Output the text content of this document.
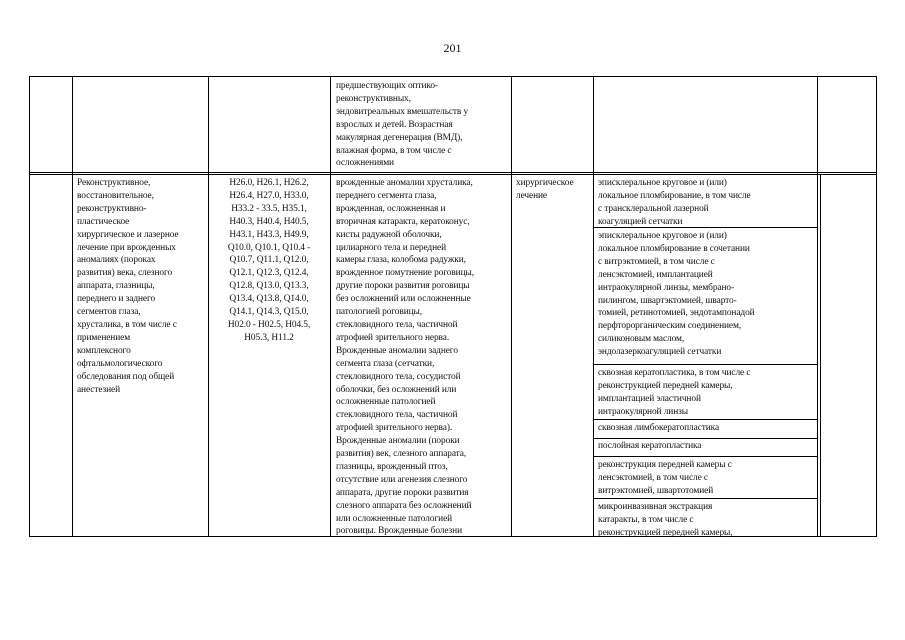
201
предшествующих оптико-
реконструктивных,
эндовитреальных вмешательств у
взрослых и детей. Возрастная
макулярная дегенерация (ВМД),
влажная форма, в том числе с
осложнениями
Реконструктивное,
восстановительное,
реконструктивно-
пластическое
хирургическое и лазерное
лечение при врожденных
аномалиях (пороках
развития) века, слезного
аппарата, глазницы,
переднего и заднего
сегментов глаза,
хрусталика, в том числе с
применением
комплексного
офтальмологического
обследования под общей
анестезией
H26.0, H26.1, H26.2,
H26.4, H27.0, H33.0,
H33.2 - 33.5, H35.1,
H40.3, H40.4, H40.5,
H43.1, H43.3, H49.9,
Q10.0, Q10.1, Q10.4 -
Q10.7, Q11.1, Q12.0,
Q12.1, Q12.3, Q12.4,
Q12.8, Q13.0, Q13.3,
Q13.4, Q13.8, Q14.0,
Q14.1, Q14.3, Q15.0,
H02.0 - H02.5, H04.5,
H05.3, H11.2
врожденные аномалии хрусталика,
переднего сегмента глаза,
врожденная, осложненная и
вторичная катаракта, кератоконус,
кисты радужной оболочки,
цилиарного тела и передней
камеры глаза, колобома радужки,
врожденное помутнение роговицы,
другие пороки развития роговицы
без осложнений или осложненные
патологией роговицы,
стекловидного тела, частичной
атрофией зрительного нерва.
Врожденные аномалии заднего
сегмента глаза (сетчатки,
стекловидного тела, сосудистой
оболочки, без осложнений или
осложненные патологией
стекловидного тела, частичной
атрофией зрительного нерва).
Врожденные аномалии (пороки
развития) век, слезного аппарата,
глазницы, врожденный птоз,
отсутствие или агенезия слезного
аппарата, другие пороки развития
слезного аппарата без осложнений
или осложненные патологией
роговицы. Врожденные болезни
хирургическое
лечение
эписклеральное круговое и (или)
локальное пломбирование, в том числе
с трансклеральной лазерной
коагуляцией сетчатки
эписклеральное круговое и (или)
локальное пломбирование в сочетании
с витрэктомией, в том числе с
ленсэктомией, имплантацией
интраокулярной линзы, мембрано-
пилингом, швартэктомией, шварто-
томией, ретинотомией, эндотампонадой
перфторорганическим соединением,
силиконовым маслом,
эндолазеркоагуляцией сетчатки
сквозная кератопластика, в том числе с
реконструкцией передней камеры,
имплантацией эластичной
интраокулярной линзы
сквозная лимбокератопластика
послойная кератопластика
реконструкция передней камеры с
ленсэктомией, в том числе с
витрэктомией, швартотомией
микроинвазивная экстракция
катаракты, в том числе с
реконструкцией передней камеры,
